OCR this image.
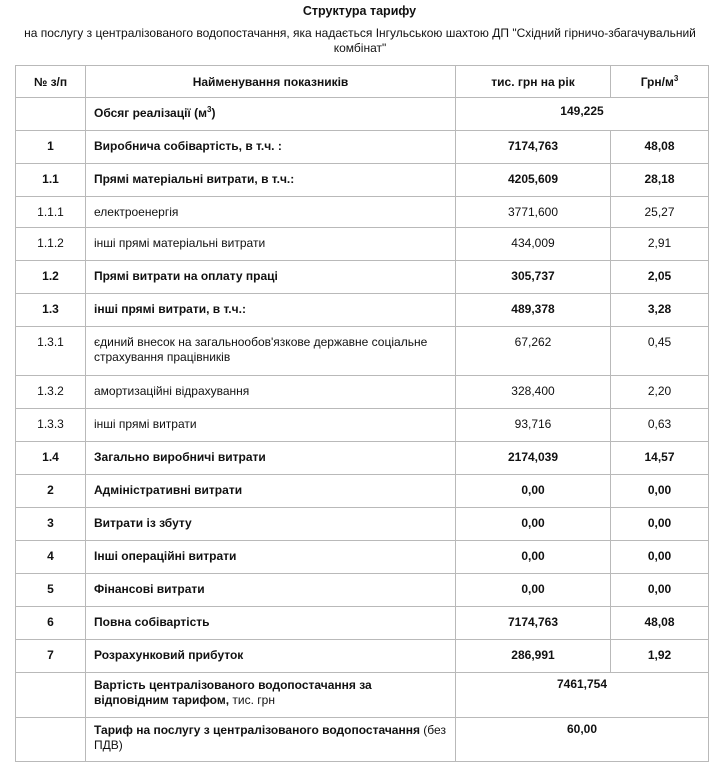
Структура тарифу
на послугу з централізованого водопостачання, яка надається Інгульською шахтою ДП "Східний гірничо-збагачувальний комбінат"
№ з/п	Найменування показників	тис. грн на рік	Грн/$м^3$
	Обсяг реалізації $(м^3)$	149,225	
1	Виробнича собівартість, в т.ч. :	7174,763	48,08
1.1	Прямі матеріальні витрати, в т.ч.:	4205,609	28,18
1.1.1	електроенергія	3771,600	25,27
1.1.2	інші прямі матеріальні витрати	434,009	2,91
1.2	Прямі витрати на оплату праці	305,737	2,05
1.3	інші прямі витрати, в т.ч.:	489,378	3,28
1.3.1	єдиний внесок на загальнообов'язкове державне соціальне страхування працівників	67,262	0,45
1.3.2	амортизаційні відрахування	328,400	2,20
1.3.3	інші прямі витрати	93,716	0,63
1.4	Загально виробничі витрати	2174,039	14,57
2	Адміністративні витрати	0,00	0,00
3	Витрати із збуту	0,00	0,00
4	Інші операційні витрати	0,00	0,00
5	Фінансові витрати	0,00	0,00
6	Повна собівартість	7174,763	48,08
7	Розрахунковий прибуток	286,991	1,92
	Вартість централізованого водопостачання за відповідним тарифом, тис. грн	7461,754	
	Тариф на послугу з централізованого водопостачання (без ПДВ)	60,00	
